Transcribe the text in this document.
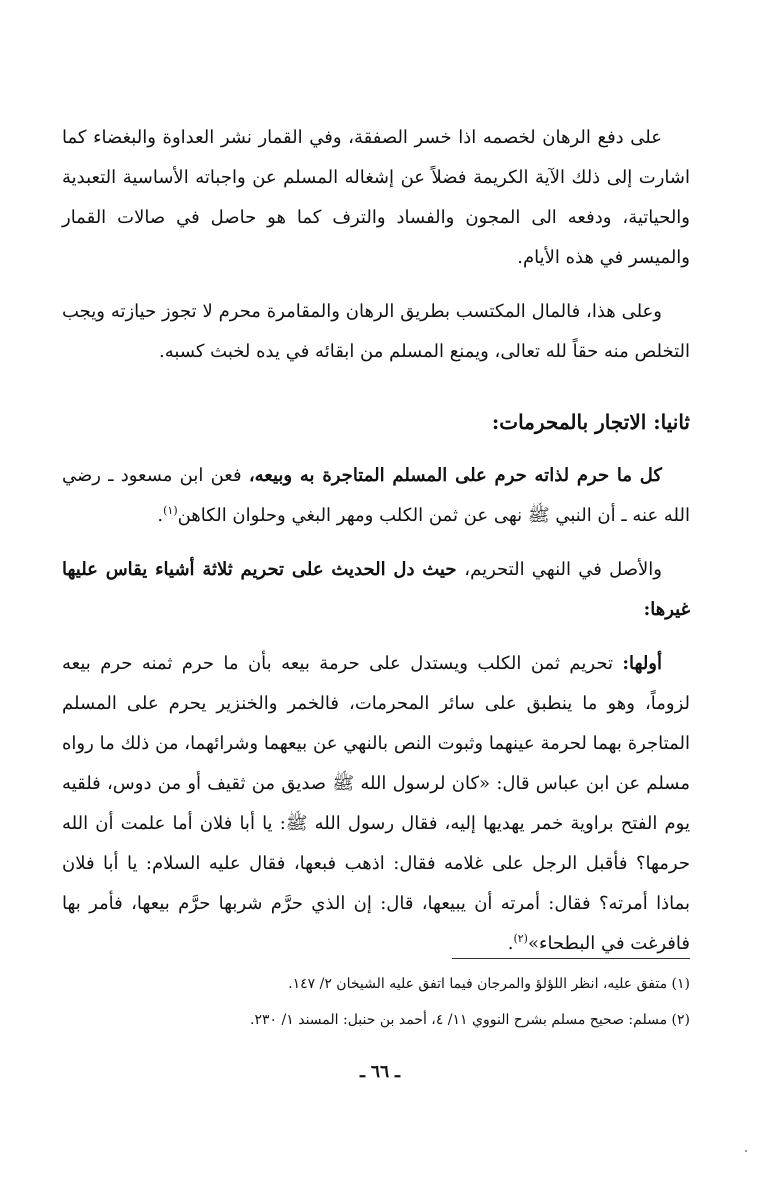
على دفع الرهان لخصمه اذا خسر الصفقة، وفي القمار نشر العداوة والبغضاء كما اشارت إلى ذلك الآية الكريمة فضلاً عن إشغاله المسلم عن واجباته الأساسية التعبدية والحياتية، ودفعه الى المجون والفساد والترف كما هو حاصل في صالات القمار والميسر في هذه الأيام.

وعلى هذا، فالمال المكتسب بطريق الرهان والمقامرة محرم لا تجوز حيازته ويجب التخلص منه حقاً لله تعالى، ويمنع المسلم من ابقائه في يده لخبث كسبه.

ثانيا: الاتجار بالمحرمات:

كل ما حرم لذاته حرم على المسلم المتاجرة به وبيعه، فعن ابن مسعود ـ رضي الله عنه ـ أن النبي ﷺ نهى عن ثمن الكلب ومهر البغي وحلوان الكاهن$^{(١)}$.

والأصل في النهي التحريم، حيث دل الحديث على تحريم ثلاثة أشياء يقاس عليها غيرها:

أولها: تحريم ثمن الكلب ويستدل على حرمة بيعه بأن ما حرم ثمنه حرم بيعه لزوماً، وهو ما ينطبق على سائر المحرمات، فالخمر والخنزير يحرم على المسلم المتاجرة بهما لحرمة عينهما وثبوت النص بالنهي عن بيعهما وشرائهما، من ذلك ما رواه مسلم عن ابن عباس قال: «كان لرسول الله ﷺ صديق من ثقيف أو من دوس، فلقيه يوم الفتح براوية خمر يهديها إليه، فقال رسول الله ﷺ: يا أبا فلان أما علمت أن الله حرمها؟ فأقبل الرجل على غلامه فقال: اذهب فبعها، فقال عليه السلام: يا أبا فلان بماذا أمرته؟ فقال: أمرته أن يبيعها، قال: إن الذي حرَّم شربها حرَّم بيعها، فأمر بها فافرغت في البطحاء»$^{(٢)}$.

(١) متفق عليه، انظر اللؤلؤ والمرجان فيما اتفق عليه الشيخان ٢/ ١٤٧.

(٢) مسلم: صحيح مسلم بشرح النووي ١١/ ٤، أحمد بن حنبل: المسند ١/ ٢٣٠.

ـ ٦٦ ـ
